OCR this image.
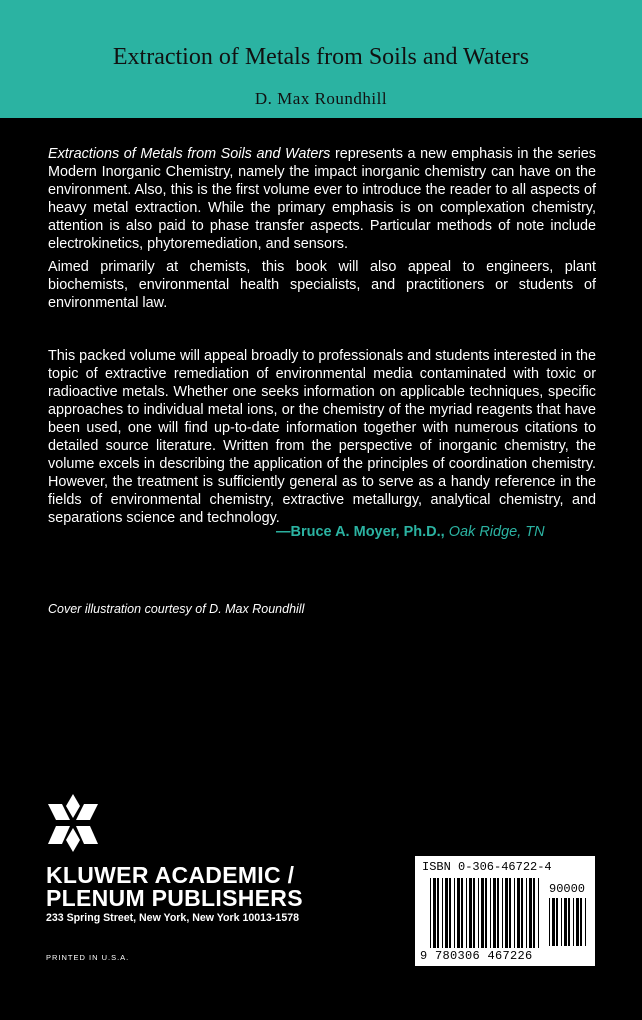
Extraction of Metals from Soils and Waters
D. Max Roundhill
Extractions of Metals from Soils and Waters represents a new emphasis in the series Modern Inorganic Chemistry, namely the impact inorganic chemistry can have on the environment. Also, this is the first volume ever to introduce the reader to all aspects of heavy metal extraction. While the primary emphasis is on complexation chemistry, attention is also paid to phase transfer aspects. Particular methods of note include electrokinetics, phytoremediation, and sensors.
Aimed primarily at chemists, this book will also appeal to engineers, plant biochemists, environmental health specialists, and practitioners or students of environmental law.
This packed volume will appeal broadly to professionals and students interested in the topic of extractive remediation of environmental media contaminated with toxic or radioactive metals. Whether one seeks information on applicable techniques, specific approaches to individual metal ions, or the chemistry of the myriad reagents that have been used, one will find up-to-date information together with numerous citations to detailed source literature. Written from the perspective of inorganic chemistry, the volume excels in describing the application of the principles of coordination chemistry. However, the treatment is sufficiently general as to serve as a handy reference in the fields of environmental chemistry, extractive metallurgy, analytical chemistry, and separations science and technology.
—Bruce A. Moyer, Ph.D., Oak Ridge, TN
Cover illustration courtesy of D. Max Roundhill
KLUWER ACADEMIC /
PLENUM PUBLISHERS
233 Spring Street, New York, New York 10013-1578
PRINTED IN U.S.A.
ISBN 0-306-46722-4
90000
9 780306 467226
